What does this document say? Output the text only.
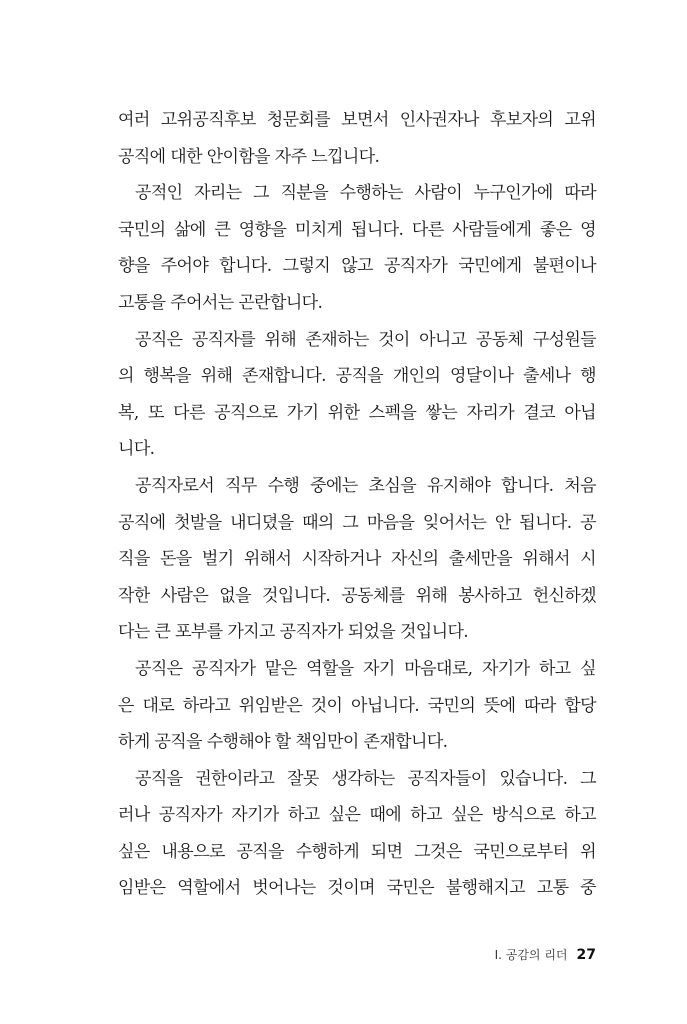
여러 고위공직후보 청문회를 보면서 인사권자나 후보자의 고위
공직에 대한 안이함을 자주 느낍니다.
공적인 자리는 그 직분을 수행하는 사람이 누구인가에 따라
국민의 삶에 큰 영향을 미치게 됩니다. 다른 사람들에게 좋은 영
향을 주어야 합니다. 그렇지 않고 공직자가 국민에게 불편이나
고통을 주어서는 곤란합니다.
공직은 공직자를 위해 존재하는 것이 아니고 공동체 구성원들
의 행복을 위해 존재합니다. 공직을 개인의 영달이나 출세나 행
복, 또 다른 공직으로 가기 위한 스펙을 쌓는 자리가 결코 아닙
니다.
공직자로서 직무 수행 중에는 초심을 유지해야 합니다. 처음
공직에 첫발을 내디뎠을 때의 그 마음을 잊어서는 안 됩니다. 공
직을 돈을 벌기 위해서 시작하거나 자신의 출세만을 위해서 시
작한 사람은 없을 것입니다. 공동체를 위해 봉사하고 헌신하겠
다는 큰 포부를 가지고 공직자가 되었을 것입니다.
공직은 공직자가 맡은 역할을 자기 마음대로, 자기가 하고 싶
은 대로 하라고 위임받은 것이 아닙니다. 국민의 뜻에 따라 합당
하게 공직을 수행해야 할 책임만이 존재합니다.
공직을 권한이라고 잘못 생각하는 공직자들이 있습니다. 그
러나 공직자가 자기가 하고 싶은 때에 하고 싶은 방식으로 하고
싶은 내용으로 공직을 수행하게 되면 그것은 국민으로부터 위
임받은 역할에서 벗어나는 것이며 국민은 불행해지고 고통 중
Ⅰ. 공감의 리더 27
